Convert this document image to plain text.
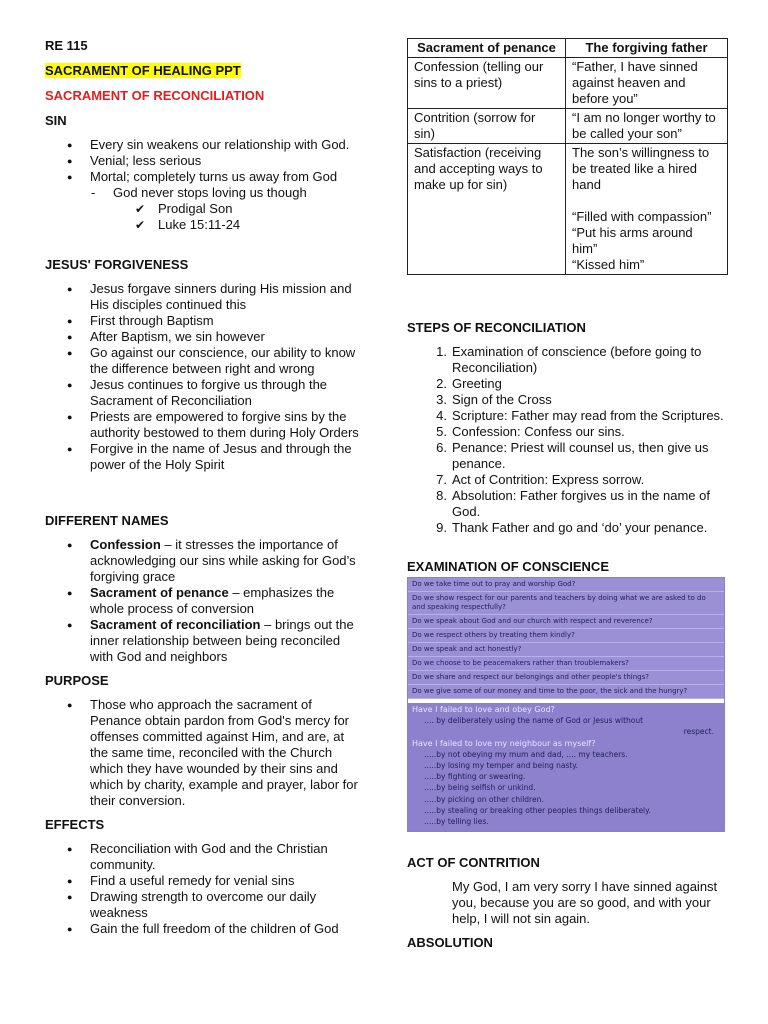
RE 115
SACRAMENT OF HEALING PPT
SACRAMENT OF RECONCILIATION
SIN
● Every sin weakens our relationship with God.
● Venial; less serious
● Mortal; completely turns us away from God
- God never stops loving us though
✔ Prodigal Son
✔ Luke 15:11-24
JESUS' FORGIVENESS
● Jesus forgave sinners during His mission and His disciples continued this
● First through Baptism
● After Baptism, we sin however
● Go against our conscience, our ability to know the difference between right and wrong
● Jesus continues to forgive us through the Sacrament of Reconciliation
● Priests are empowered to forgive sins by the authority bestowed to them during Holy Orders
● Forgive in the name of Jesus and through the power of the Holy Spirit
DIFFERENT NAMES
● Confession – it stresses the importance of acknowledging our sins while asking for God’s forgiving grace
● Sacrament of penance – emphasizes the whole process of conversion
● Sacrament of reconciliation – brings out the inner relationship between being reconciled with God and neighbors
PURPOSE
● Those who approach the sacrament of Penance obtain pardon from God's mercy for offenses committed against Him, and are, at the same time, reconciled with the Church which they have wounded by their sins and which by charity, example and prayer, labor for their conversion.
EFFECTS
● Reconciliation with God and the Christian community.
● Find a useful remedy for venial sins
● Drawing strength to overcome our daily weakness
● Gain the full freedom of the children of God
Sacrament of penance	The forgiving father
Confession (telling our sins to a priest)	“Father, I have sinned against heaven and before you”
Contrition (sorrow for sin)	“I am no longer worthy to be called your son”
Satisfaction (receiving and accepting ways to make up for sin)	The son’s willingness to be treated like a hired hand
“Filled with compassion”
“Put his arms around him”
“Kissed him”
STEPS OF RECONCILIATION
1. Examination of conscience (before going to Reconciliation)
2. Greeting
3. Sign of the Cross
4. Scripture: Father may read from the Scriptures.
5. Confession: Confess our sins.
6. Penance: Priest will counsel us, then give us penance.
7. Act of Contrition: Express sorrow.
8. Absolution: Father forgives us in the name of God.
9. Thank Father and go and ‘do’ your penance.
EXAMINATION OF CONSCIENCE
Do we take time out to pray and worship God?
Do we show respect for our parents and teachers by doing what we are asked to do and speaking respectfully?
Do we speak about God and our church with respect and reverence?
Do we respect others by treating them kindly?
Do we speak and act honestly?
Do we choose to be peacemakers rather than troublemakers?
Do we share and respect our belongings and other people's things?
Do we give some of our money and time to the poor, the sick and the hungry?
Have I failed to love and obey God?
…. by deliberately using the name of God or Jesus without
respect.
Have I failed to love my neighbour as myself?
…..by not obeying my mum and dad, …. my teachers.
…..by losing my temper and being nasty.
…..by fighting or swearing.
…..by being selfish or unkind.
…..by picking on other children.
…..by stealing or breaking other peoples things deliberately.
…..by telling lies.
ACT OF CONTRITION
My God, I am very sorry I have sinned against you, because you are so good, and with your help, I will not sin again.
ABSOLUTION
